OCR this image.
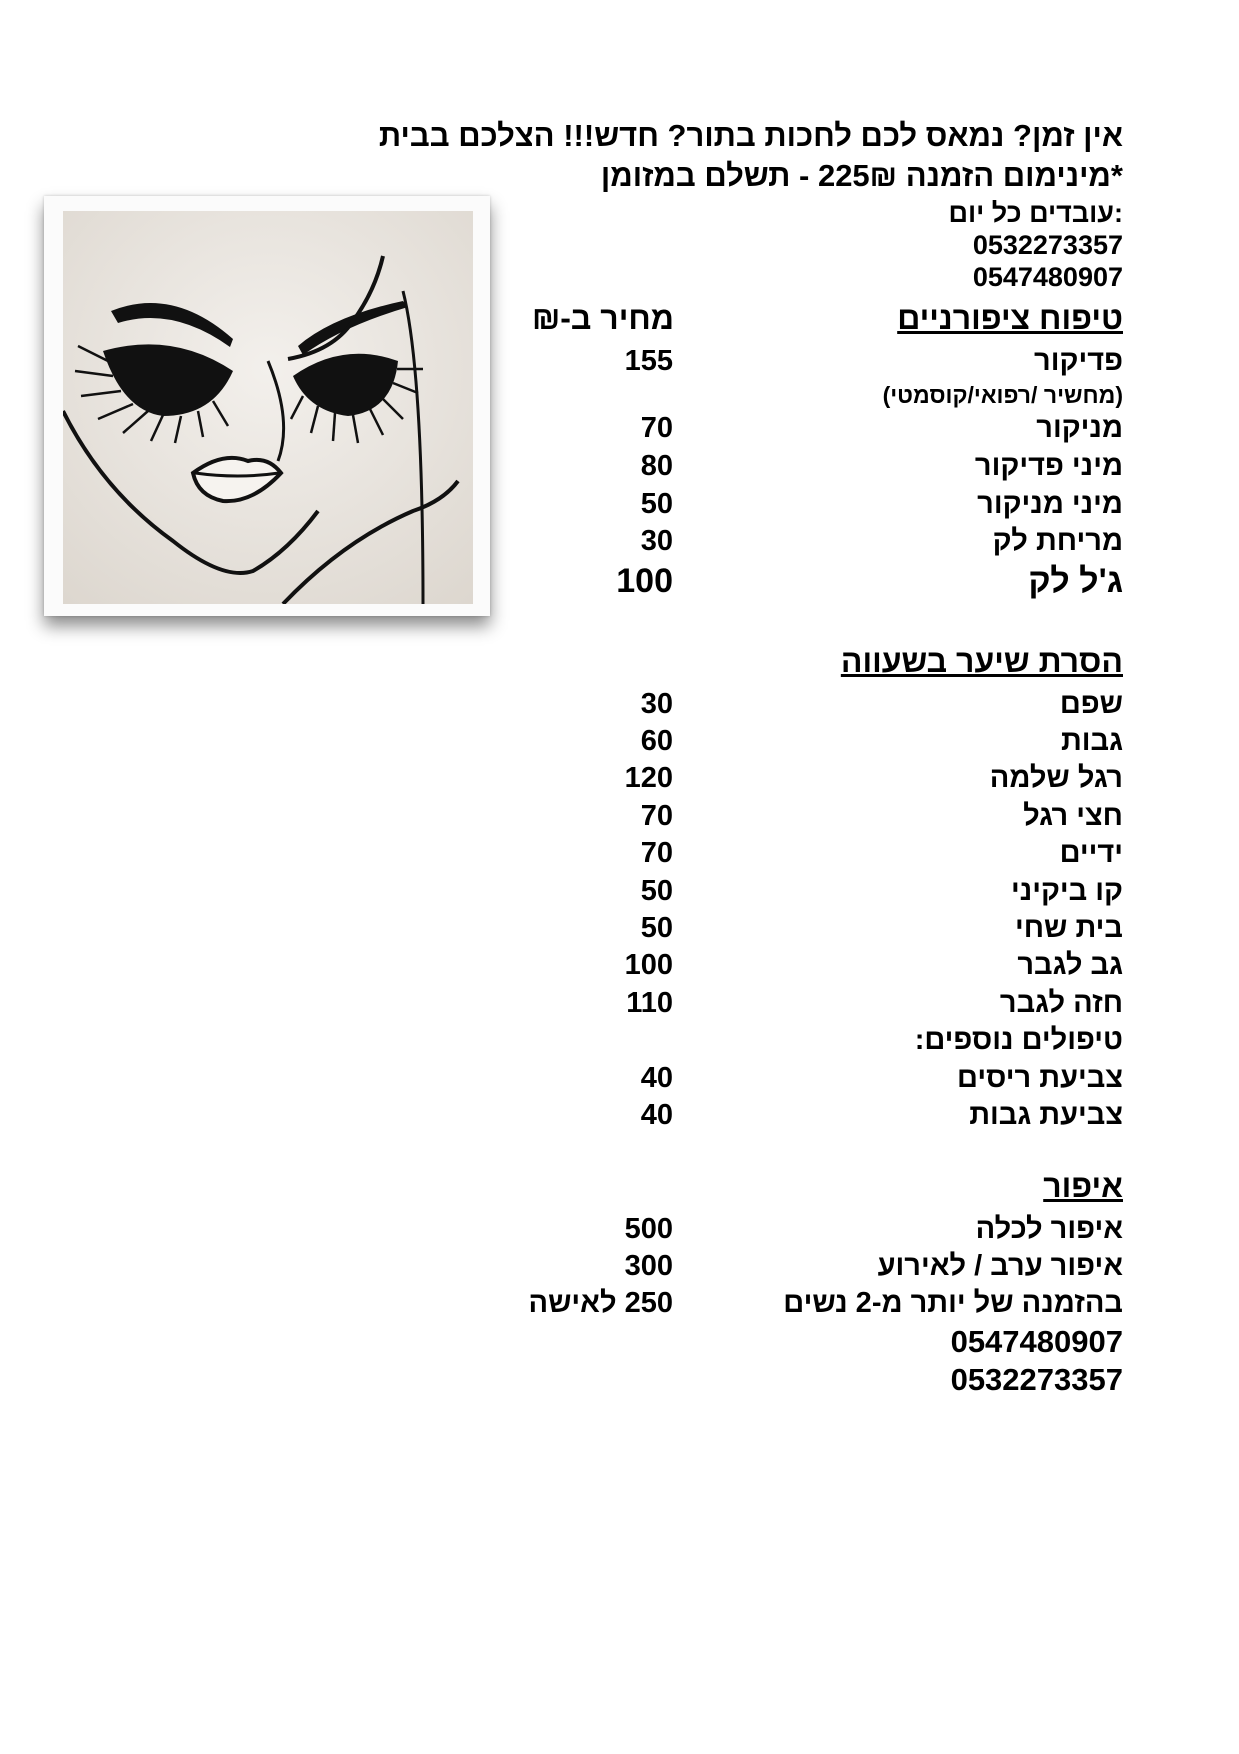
אין זמן? נמאס לכם לחכות בתור? חדש!!! הצלכם בבית
*מינימום הזמנה 225₪ - תשלם במזומן
עובדים כל יום:
0532273357
0547480907
טיפוח ציפורניים
מחיר ב-₪
פדיקור
155
(מחשיר /רפואי/קוסמטי)
מניקור
70
מיני פדיקור
80
מיני מניקור
50
מריחת לק
30
ג'ל לק
100
הסרת שיער בשעווה
שפם
30
גבות
60
רגל שלמה
120
חצי רגל
70
ידיים
70
קו ביקיני
50
בית שחי
50
גב לגבר
100
חזה לגבר
110
טיפולים נוספים:
צביעת ריסים
40
צביעת גבות
40
איפור
איפור לכלה
500
איפור ערב / לאירוע
300
בהזמנה של יותר מ-2 נשים
250 לאישה
0547480907
0532273357
